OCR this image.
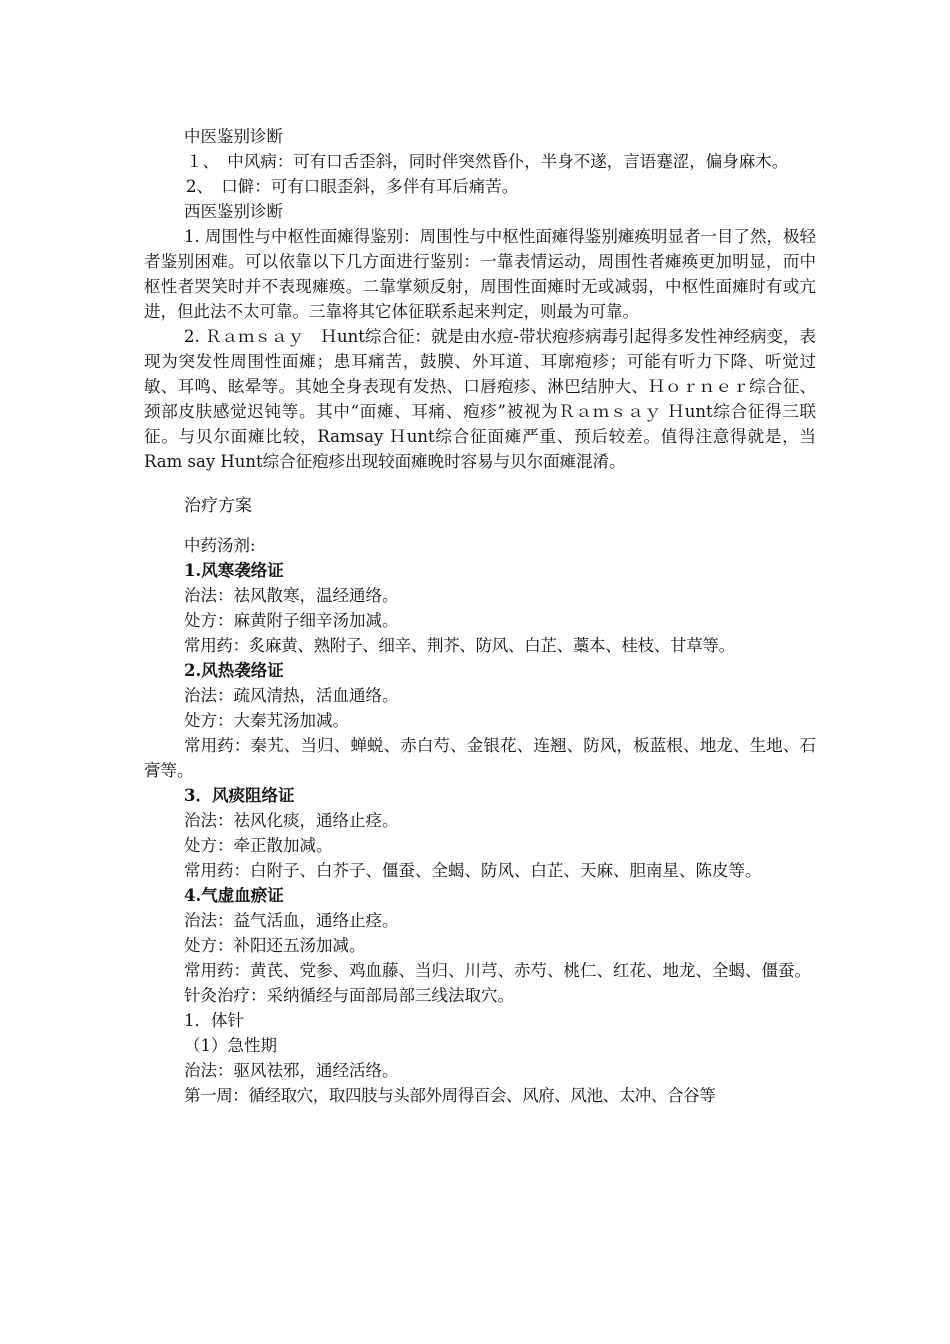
中医鉴别诊断

１、　中风病：可有口舌歪斜，同时伴突然昏仆，半身不遂，言语蹇涩，偏身麻木。

2、　口僻：可有口眼歪斜，多伴有耳后痛苦。

西医鉴别诊断

1. 周围性与中枢性面瘫得鉴别：周围性与中枢性面瘫得鉴别瘫痪明显者一目了然，极轻者鉴别困难。可以依靠以下几方面进行鉴别：一靠表情运动，周围性者瘫痪更加明显，而中枢性者哭笑时并不表现瘫痪。二靠掌颏反射，周围性面瘫时无或减弱，中枢性面瘫时有或亢进，但此法不太可靠。三靠将其它体征联系起来判定，则最为可靠。

2. Ｒａｍｓａｙ　Ｈunt综合征：就是由水痘-带状疱疹病毒引起得多发性神经病变，表现为突发性周围性面瘫；患耳痛苦，鼓膜、外耳道、耳廓疱疹；可能有听力下降、听觉过敏、耳鸣、眩晕等。其她全身表现有发热、口唇疱疹、淋巴结肿大、Ｈｏｒｎｅｒ综合征、颈部皮肤感觉迟钝等。其中“面瘫、耳痛、疱疹”被视为Ｒａｍｓａｙ Ｈunt综合征得三联征。与贝尔面瘫比较，Ramsay Ｈunt综合征面瘫严重、预后较差。值得注意得就是，当Ram say Hunt综合征疱疹出现较面瘫晚时容易与贝尔面瘫混淆。

治疗方案

中药汤剂:

1.风寒袭络证

治法：祛风散寒，温经通络。

处方：麻黄附子细辛汤加减。

常用药：炙麻黄、熟附子、细辛、荆芥、防风、白芷、藁本、桂枝、甘草等。

2.风热袭络证

治法：疏风清热，活血通络。

处方：大秦艽汤加减。

常用药：秦艽、当归、蝉蜕、赤白芍、金银花、连翘、防风，板蓝根、地龙、生地、石膏等。

3．风痰阻络证

治法：祛风化痰，通络止痉。

处方：牵正散加减。

常用药：白附子、白芥子、僵蚕、全蝎、防风、白芷、天麻、胆南星、陈皮等。

4.气虚血瘀证

治法：益气活血，通络止痉。

处方：补阳还五汤加减。

常用药：黄芪、党参、鸡血藤、当归、川芎、赤芍、桃仁、红花、地龙、全蝎、僵蚕。

针灸治疗：采纳循经与面部局部三线法取穴。

1．体针

（1）急性期

治法：驱风祛邪，通经活络。

第一周：循经取穴，取四肢与头部外周得百会、风府、风池、太冲、合谷等
